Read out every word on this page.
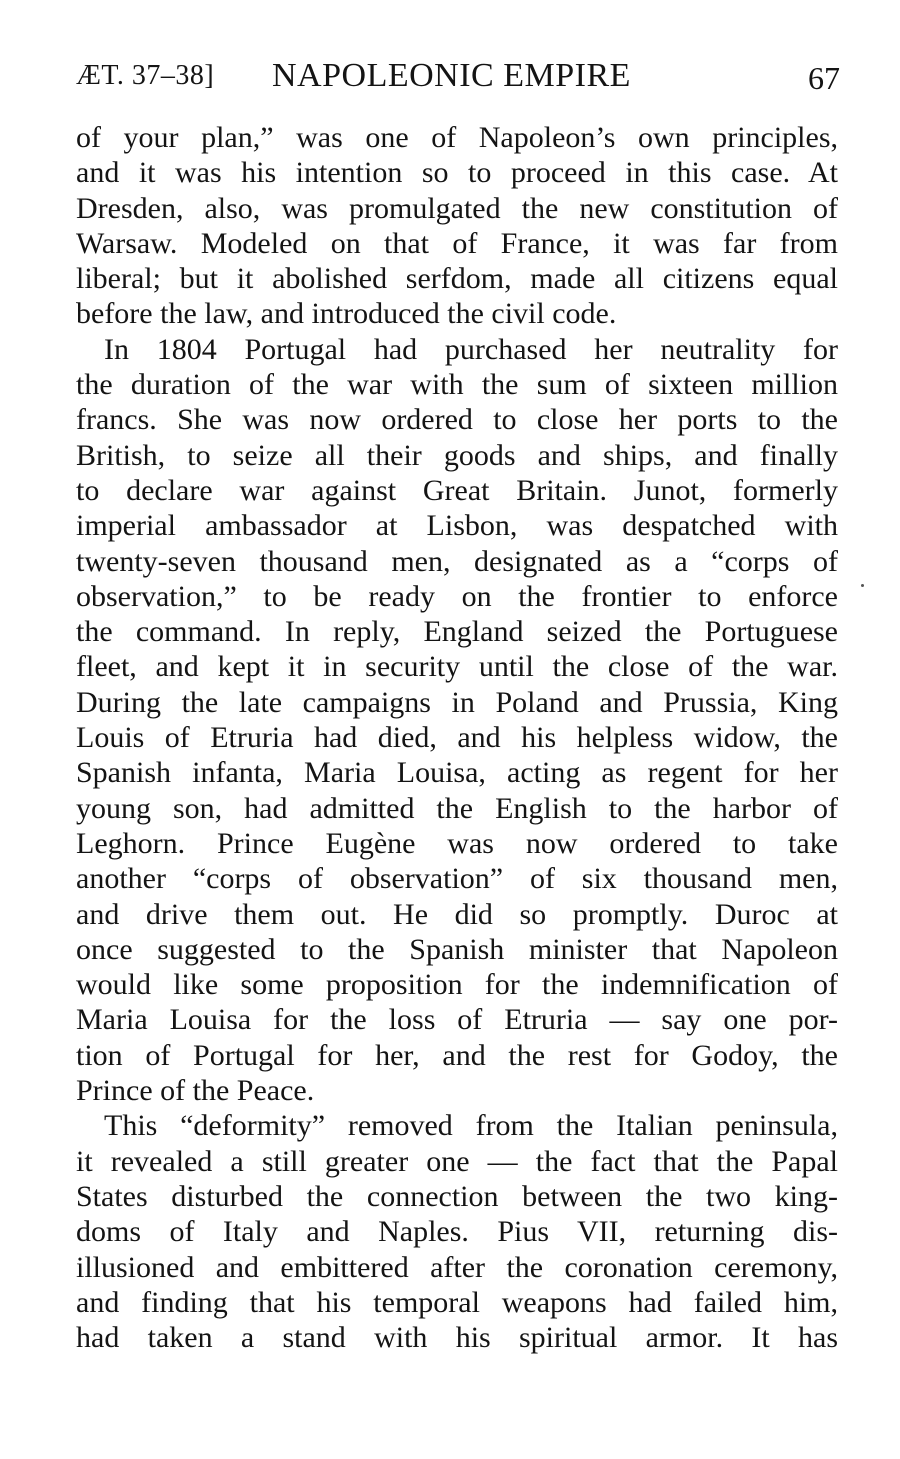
ÆT. 37–38] NAPOLEONIC EMPIRE	67
of your plan,” was one of Napoleon’s own principles,
and it was his intention so to proceed in this case. At
Dresden, also, was promulgated the new constitution of
Warsaw. Modeled on that of France, it was far from
liberal; but it abolished serfdom, made all citizens equal
before the law, and introduced the civil code.
In 1804 Portugal had purchased her neutrality for
the duration of the war with the sum of sixteen million
francs. She was now ordered to close her ports to the
British, to seize all their goods and ships, and finally
to declare war against Great Britain. Junot, formerly
imperial ambassador at Lisbon, was despatched with
twenty-seven thousand men, designated as a “corps of
observation,” to be ready on the frontier to enforce
the command. In reply, England seized the Portuguese
fleet, and kept it in security until the close of the war.
During the late campaigns in Poland and Prussia, King
Louis of Etruria had died, and his helpless widow, the
Spanish infanta, Maria Louisa, acting as regent for her
young son, had admitted the English to the harbor of
Leghorn. Prince Eugène was now ordered to take
another “corps of observation” of six thousand men,
and drive them out. He did so promptly. Duroc at
once suggested to the Spanish minister that Napoleon
would like some proposition for the indemnification of
Maria Louisa for the loss of Etruria — say one por-
tion of Portugal for her, and the rest for Godoy, the
Prince of the Peace.
This “deformity” removed from the Italian peninsula,
it revealed a still greater one — the fact that the Papal
States disturbed the connection between the two king-
doms of Italy and Naples. Pius VII, returning dis-
illusioned and embittered after the coronation ceremony,
and finding that his temporal weapons had failed him,
had taken a stand with his spiritual armor. It has
